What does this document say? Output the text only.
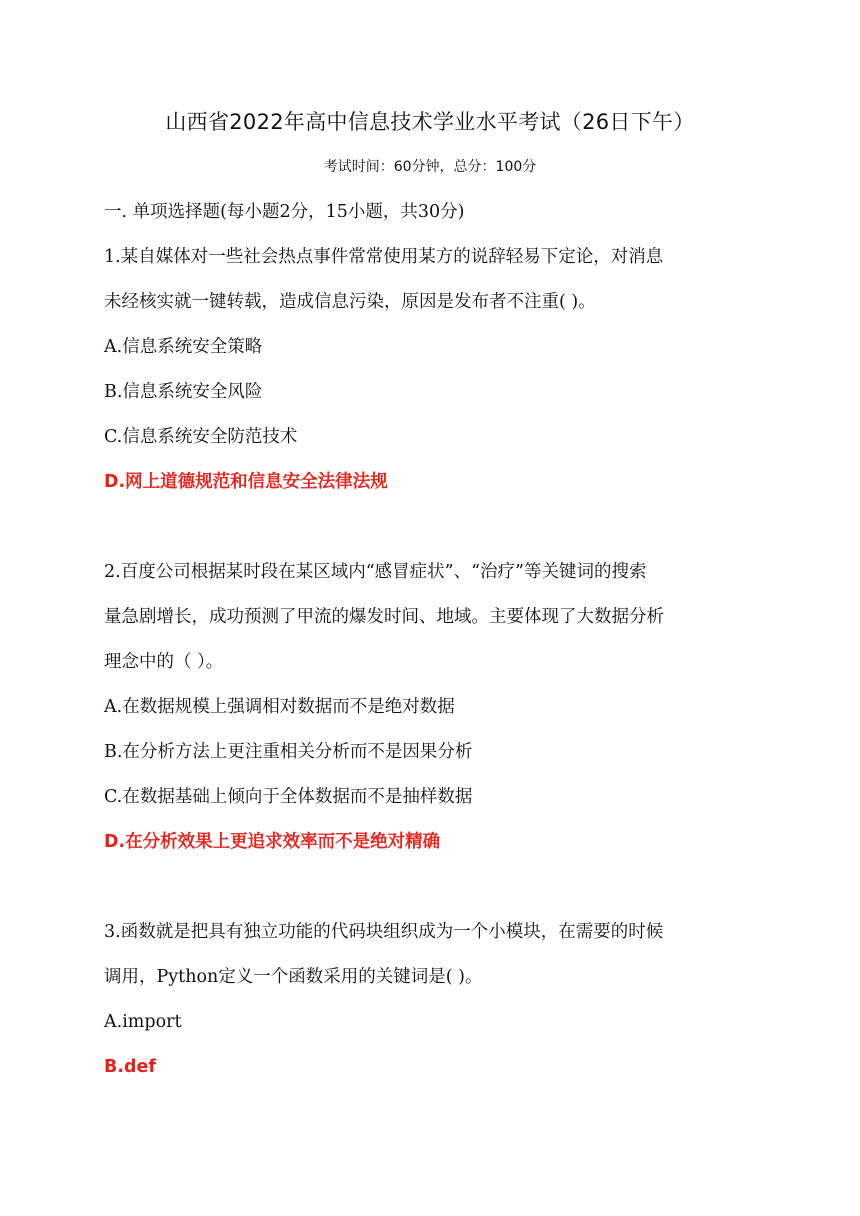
山西省2022年高中信息技术学业水平考试（26日下午）
考试时间：60分钟，总分：100分
一. 单项选择题(每小题2分，15小题，共30分)
1.某自媒体对一些社会热点事件常常使用某方的说辞轻易下定论，对消息
未经核实就一键转载，造成信息污染，原因是发布者不注重( )。
A.信息系统安全策略
B.信息系统安全风险
C.信息系统安全防范技术
D.网上道德规范和信息安全法律法规
2.百度公司根据某时段在某区域内“感冒症状”、“治疗”等关键词的搜索
量急剧增长，成功预测了甲流的爆发时间、地域。主要体现了大数据分析
理念中的（ ）。
A.在数据规模上强调相对数据而不是绝对数据
B.在分析方法上更注重相关分析而不是因果分析
C.在数据基础上倾向于全体数据而不是抽样数据
D.在分析效果上更追求效率而不是绝对精确
3.函数就是把具有独立功能的代码块组织成为一个小模块，在需要的时候
调用，Python定义一个函数采用的关键词是( )。
A.import
B.def
